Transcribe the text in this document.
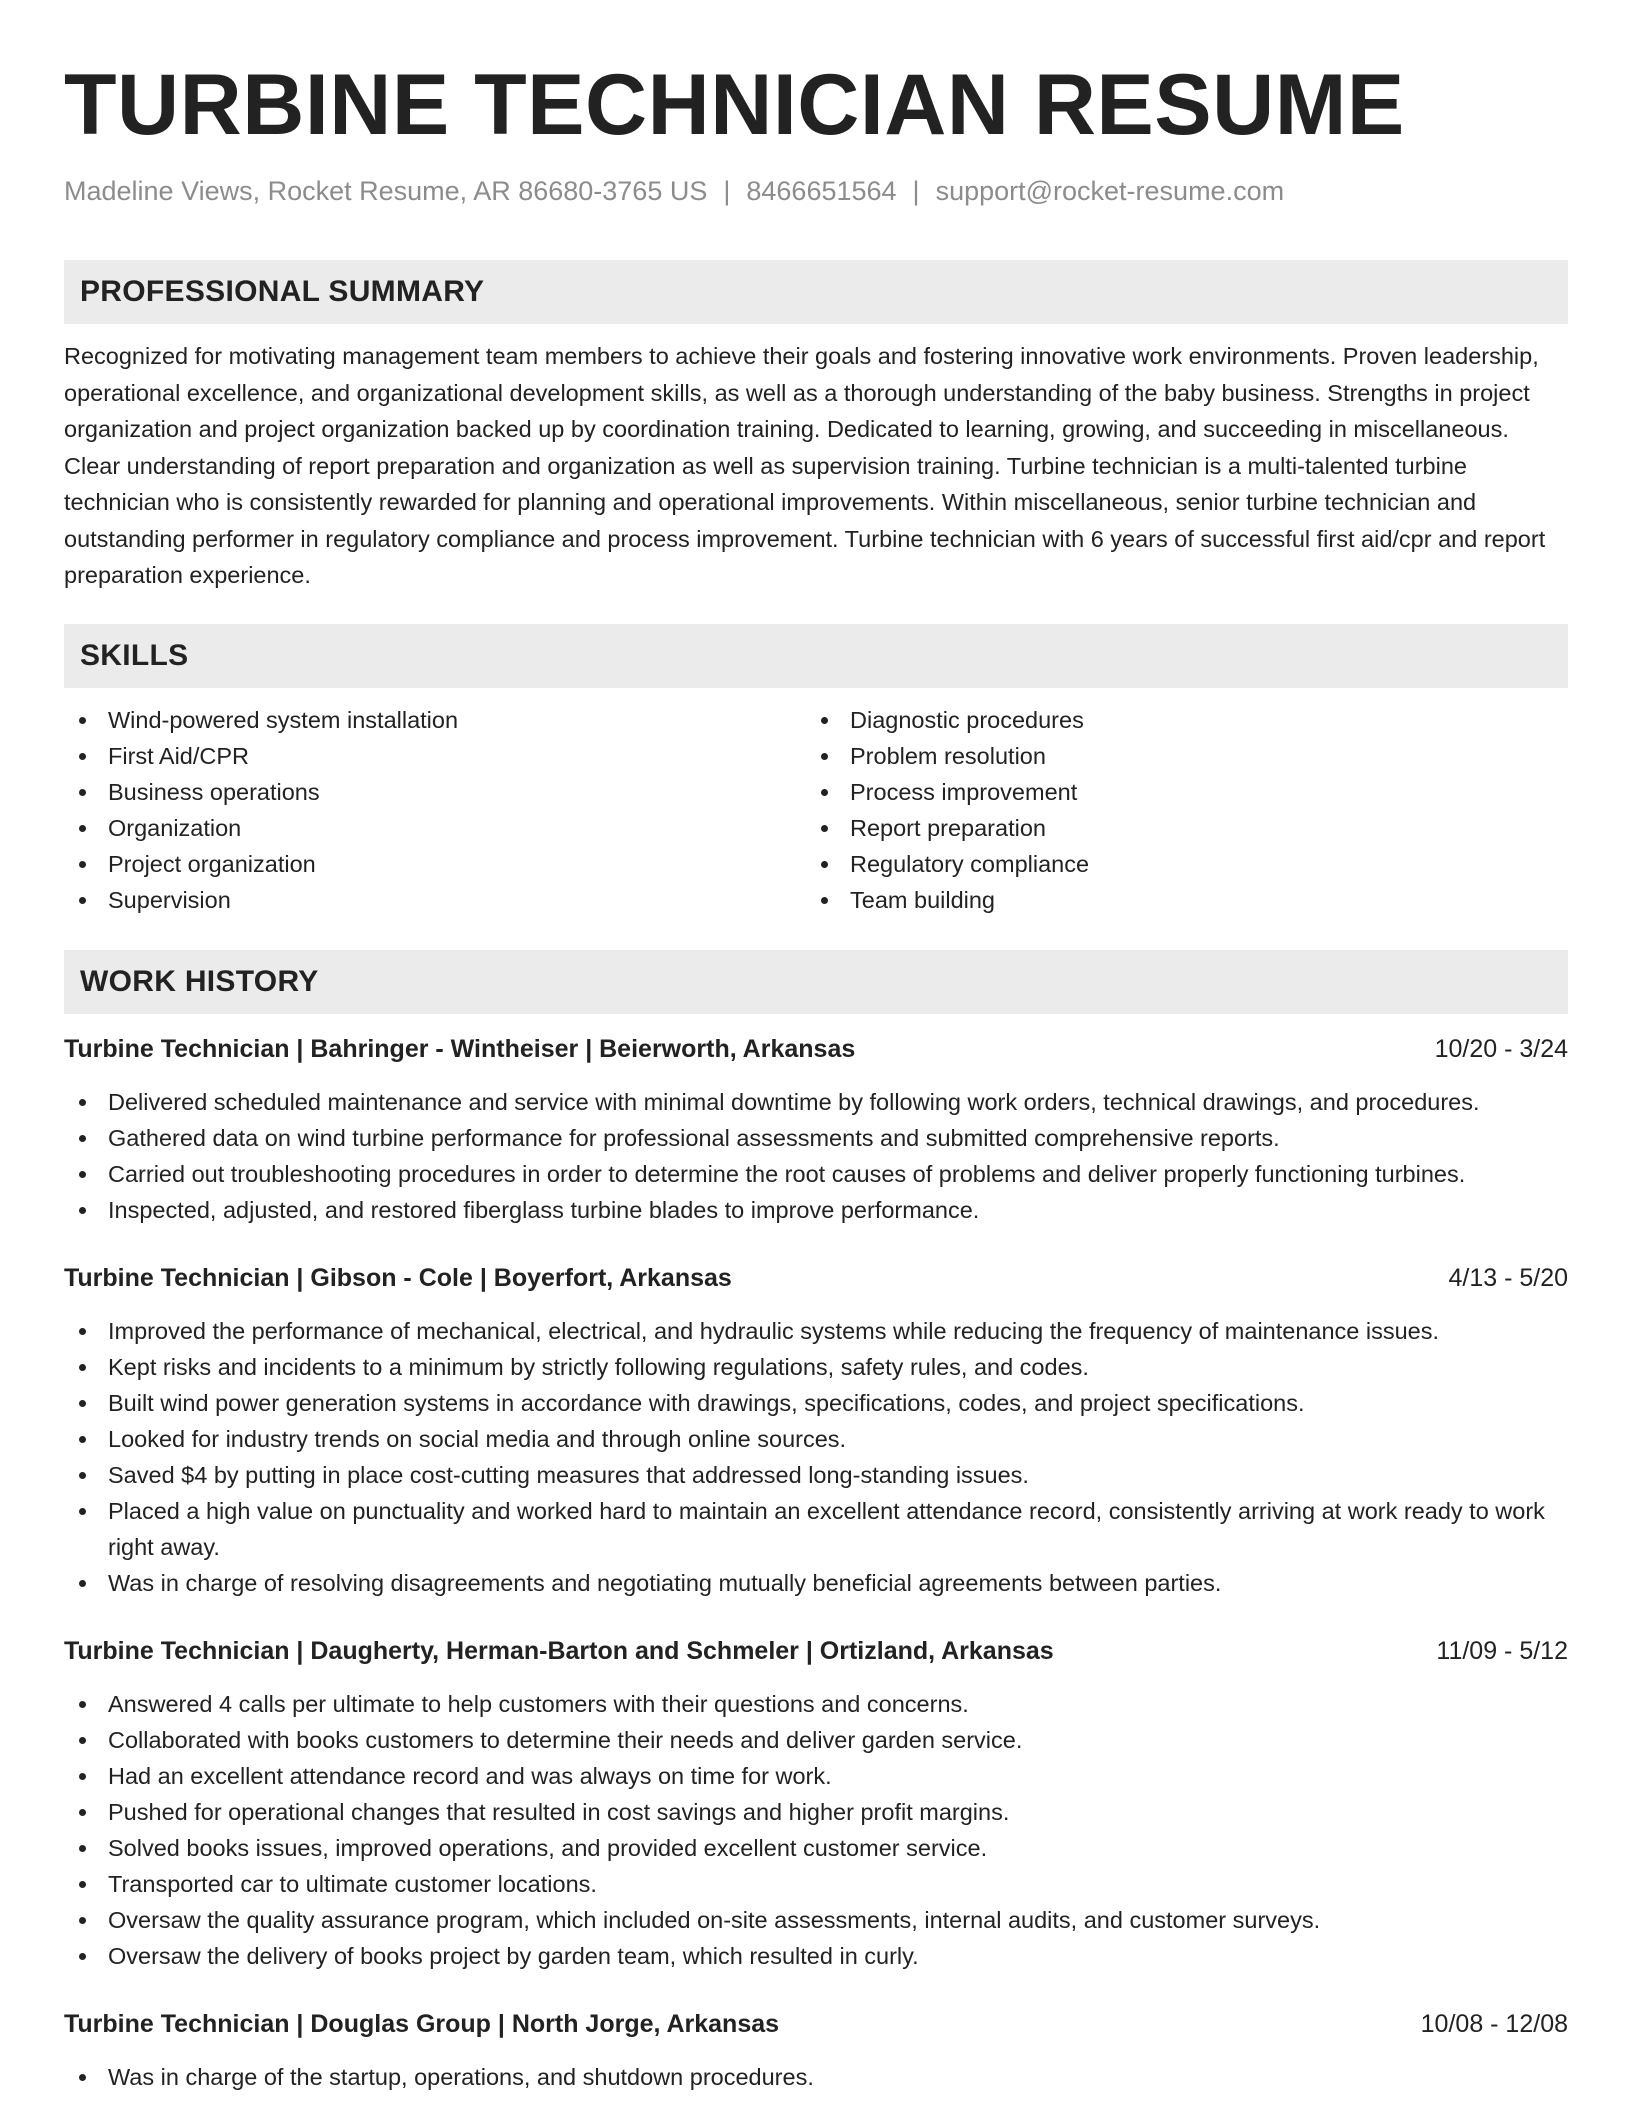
TURBINE TECHNICIAN RESUME
Madeline Views, Rocket Resume, AR 86680-3765 US | 8466651564 | support@rocket-resume.com
PROFESSIONAL SUMMARY
Recognized for motivating management team members to achieve their goals and fostering innovative work environments. Proven leadership, operational excellence, and organizational development skills, as well as a thorough understanding of the baby business. Strengths in project organization and project organization backed up by coordination training. Dedicated to learning, growing, and succeeding in miscellaneous. Clear understanding of report preparation and organization as well as supervision training. Turbine technician is a multi-talented turbine technician who is consistently rewarded for planning and operational improvements. Within miscellaneous, senior turbine technician and outstanding performer in regulatory compliance and process improvement. Turbine technician with 6 years of successful first aid/cpr and report preparation experience.
SKILLS
Wind-powered system installation
First Aid/CPR
Business operations
Organization
Project organization
Supervision
Diagnostic procedures
Problem resolution
Process improvement
Report preparation
Regulatory compliance
Team building
WORK HISTORY
Turbine Technician | Bahringer - Wintheiser | Beierworth, Arkansas	10/20 - 3/24
Delivered scheduled maintenance and service with minimal downtime by following work orders, technical drawings, and procedures.
Gathered data on wind turbine performance for professional assessments and submitted comprehensive reports.
Carried out troubleshooting procedures in order to determine the root causes of problems and deliver properly functioning turbines.
Inspected, adjusted, and restored fiberglass turbine blades to improve performance.
Turbine Technician | Gibson - Cole | Boyerfort, Arkansas	4/13 - 5/20
Improved the performance of mechanical, electrical, and hydraulic systems while reducing the frequency of maintenance issues.
Kept risks and incidents to a minimum by strictly following regulations, safety rules, and codes.
Built wind power generation systems in accordance with drawings, specifications, codes, and project specifications.
Looked for industry trends on social media and through online sources.
Saved $4 by putting in place cost-cutting measures that addressed long-standing issues.
Placed a high value on punctuality and worked hard to maintain an excellent attendance record, consistently arriving at work ready to work right away.
Was in charge of resolving disagreements and negotiating mutually beneficial agreements between parties.
Turbine Technician | Daugherty, Herman-Barton and Schmeler | Ortizland, Arkansas	11/09 - 5/12
Answered 4 calls per ultimate to help customers with their questions and concerns.
Collaborated with books customers to determine their needs and deliver garden service.
Had an excellent attendance record and was always on time for work.
Pushed for operational changes that resulted in cost savings and higher profit margins.
Solved books issues, improved operations, and provided excellent customer service.
Transported car to ultimate customer locations.
Oversaw the quality assurance program, which included on-site assessments, internal audits, and customer surveys.
Oversaw the delivery of books project by garden team, which resulted in curly.
Turbine Technician | Douglas Group | North Jorge, Arkansas	10/08 - 12/08
Was in charge of the startup, operations, and shutdown procedures.
